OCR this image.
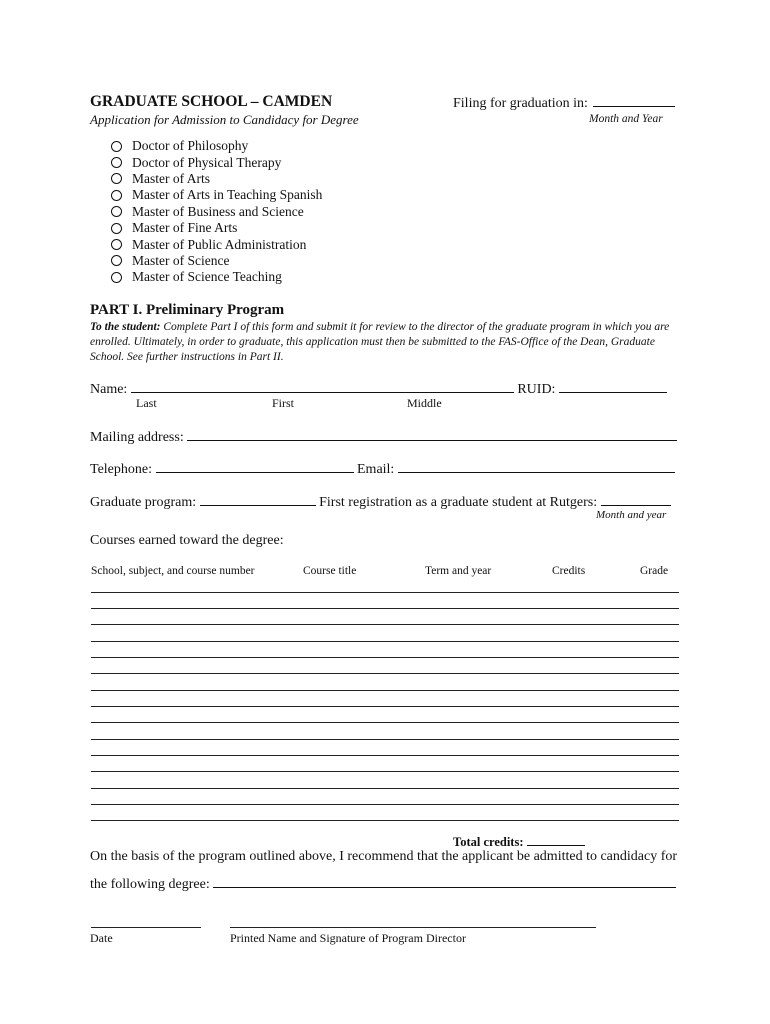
GRADUATE SCHOOL – CAMDEN
Application for Admission to Candidacy for Degree
Filing for graduation in:
Month and Year
Doctor of Philosophy
Doctor of Physical Therapy
Master of Arts
Master of Arts in Teaching Spanish
Master of Business and Science
Master of Fine Arts
Master of Public Administration
Master of Science
Master of Science Teaching
PART I. Preliminary Program
To the student: Complete Part I of this form and submit it for review to the director of the graduate program in which you are enrolled. Ultimately, in order to graduate, this application must then be submitted to the FAS-Office of the Dean, Graduate School. See further instructions in Part II.
Name:	RUID:
Last	First	Middle
Mailing address:
Telephone:	Email:
Graduate program:	First registration as a graduate student at Rutgers:
Month and year
Courses earned toward the degree:
School, subject, and course number	Course title	Term and year	Credits	Grade
Total credits:
On the basis of the program outlined above, I recommend that the applicant be admitted to candidacy for
the following degree:
Date	Printed Name and Signature of Program Director
